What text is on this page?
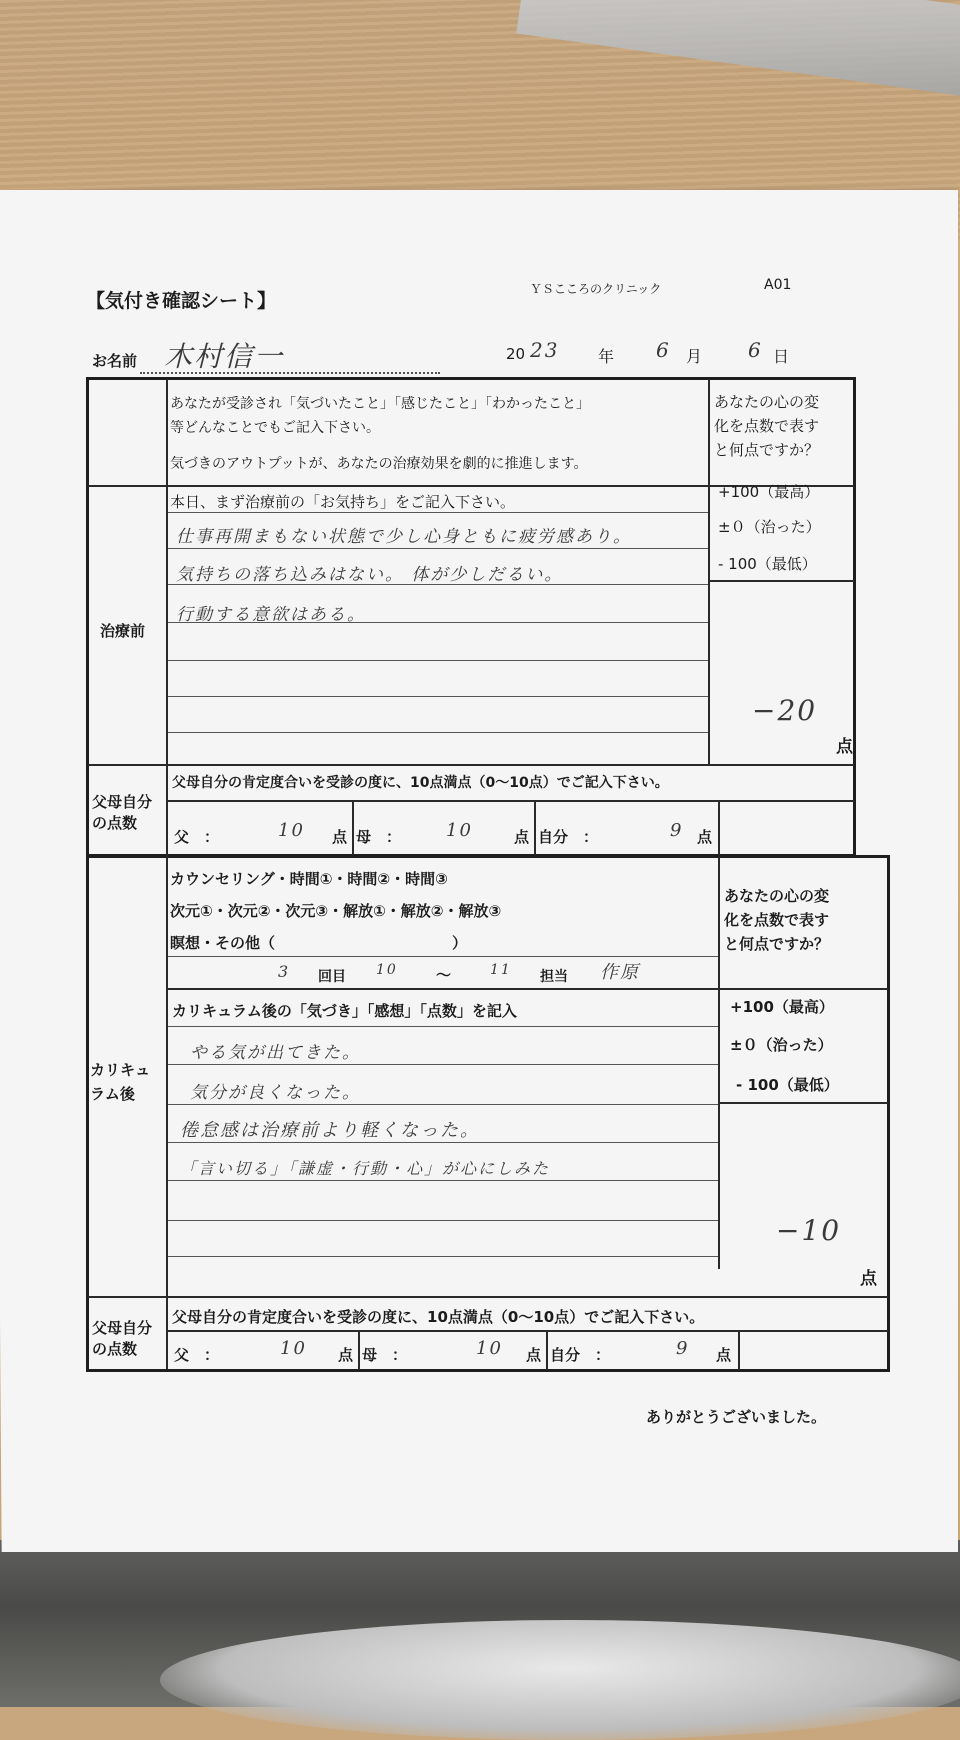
【気付き確認シート】
ＹＳこころのクリニック	A01
お名前 木村信一	20 23 年 6 月 6 日
あなたが受診され「気づいたこと」「感じたこと」「わかったこと」
等どんなことでもご記入下さい。
気づきのアウトプットが、あなたの治療効果を劇的に推進します。
あなたの心の変
化を点数で表す
と何点ですか？
治療前
本日、まず治療前の「お気持ち」をご記入下さい。
仕事再開まもない状態で少し心身ともに疲労感あり。
気持ちの落ち込みはない。 体が少しだるい。
行動する意欲はある。
+100（最高）
±０（治った）
- 100（最低）
−20
点
父母自分
の点数
父母自分の肯定度合いを受診の度に、10点満点（0〜10点）でご記入下さい。
父　：	10 点 母　： 10	点 自分　：	9 点
カウンセリング・時間①・時間②・時間③
次元①・次元②・次元③・解放①・解放②・解放③
瞑想・その他（	）
3 回目 10	〜	11 担当 作原
あなたの心の変
化を点数で表す
と何点ですか？
カリキュ
ラム後
カリキュラム後の「気づき」「感想」「点数」を記入
やる気が出てきた。
気分が良くなった。
倦怠感は治療前より軽くなった。
「言い切る」「謙虚・行動・心」が心にしみた
+100（最高）
±０（治った）
- 100（最低）
−10
点
父母自分
の点数
父母自分の肯定度合いを受診の度に、10点満点（0〜10点）でご記入下さい。
父　：	10 点 母　：	10 点 自分　：	9 点
ありがとうございました。
